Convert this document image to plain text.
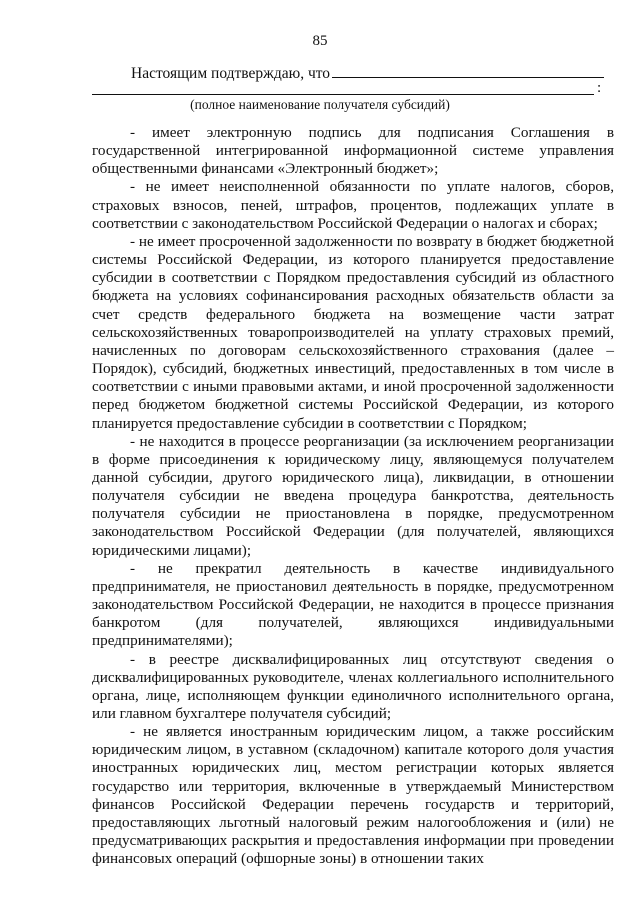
85
Настоящим подтверждаю, что
:
(полное наименование получателя субсидий)

- имеет электронную подпись для подписания Соглашения в государственной интегрированной информационной системе управления общественными финансами «Электронный бюджет»;

- не имеет неисполненной обязанности по уплате налогов, сборов, страховых взносов, пеней, штрафов, процентов, подлежащих уплате в соответствии с законодательством Российской Федерации о налогах и сборах;

- не имеет просроченной задолженности по возврату в бюджет бюджетной системы Российской Федерации, из которого планируется предоставление субсидии в соответствии с Порядком предоставления субсидий из областного бюджета на условиях софинансирования расходных обязательств области за счет средств федерального бюджета на возмещение части затрат сельскохозяйственных товаропроизводителей на уплату страховых премий, начисленных по договорам сельскохозяйственного страхования (далее – Порядок), субсидий, бюджетных инвестиций, предоставленных в том числе в соответствии с иными правовыми актами, и иной просроченной задолженности перед бюджетом бюджетной системы Российской Федерации, из которого планируется предоставление субсидии в соответствии с Порядком;

- не находится в процессе реорганизации (за исключением реорганизации в форме присоединения к юридическому лицу, являющемуся получателем данной субсидии, другого юридического лица), ликвидации, в отношении получателя субсидии не введена процедура банкротства, деятельность получателя субсидии не приостановлена в порядке, предусмотренном законодательством Российской Федерации (для получателей, являющихся юридическими лицами);

- не прекратил деятельность в качестве индивидуального предпринимателя, не приостановил деятельность в порядке, предусмотренном законодательством Российской Федерации, не находится в процессе признания банкротом (для получателей, являющихся индивидуальными предпринимателями);

- в реестре дисквалифицированных лиц отсутствуют сведения о дисквалифицированных руководителе, членах коллегиального исполнительного органа, лице, исполняющем функции единоличного исполнительного органа, или главном бухгалтере получателя субсидий;

- не является иностранным юридическим лицом, а также российским юридическим лицом, в уставном (складочном) капитале которого доля участия иностранных юридических лиц, местом регистрации которых является государство или территория, включенные в утверждаемый Министерством финансов Российской Федерации перечень государств и территорий, предоставляющих льготный налоговый режим налогообложения и (или) не предусматривающих раскрытия и предоставления информации при проведении финансовых операций (офшорные зоны) в отношении таких
